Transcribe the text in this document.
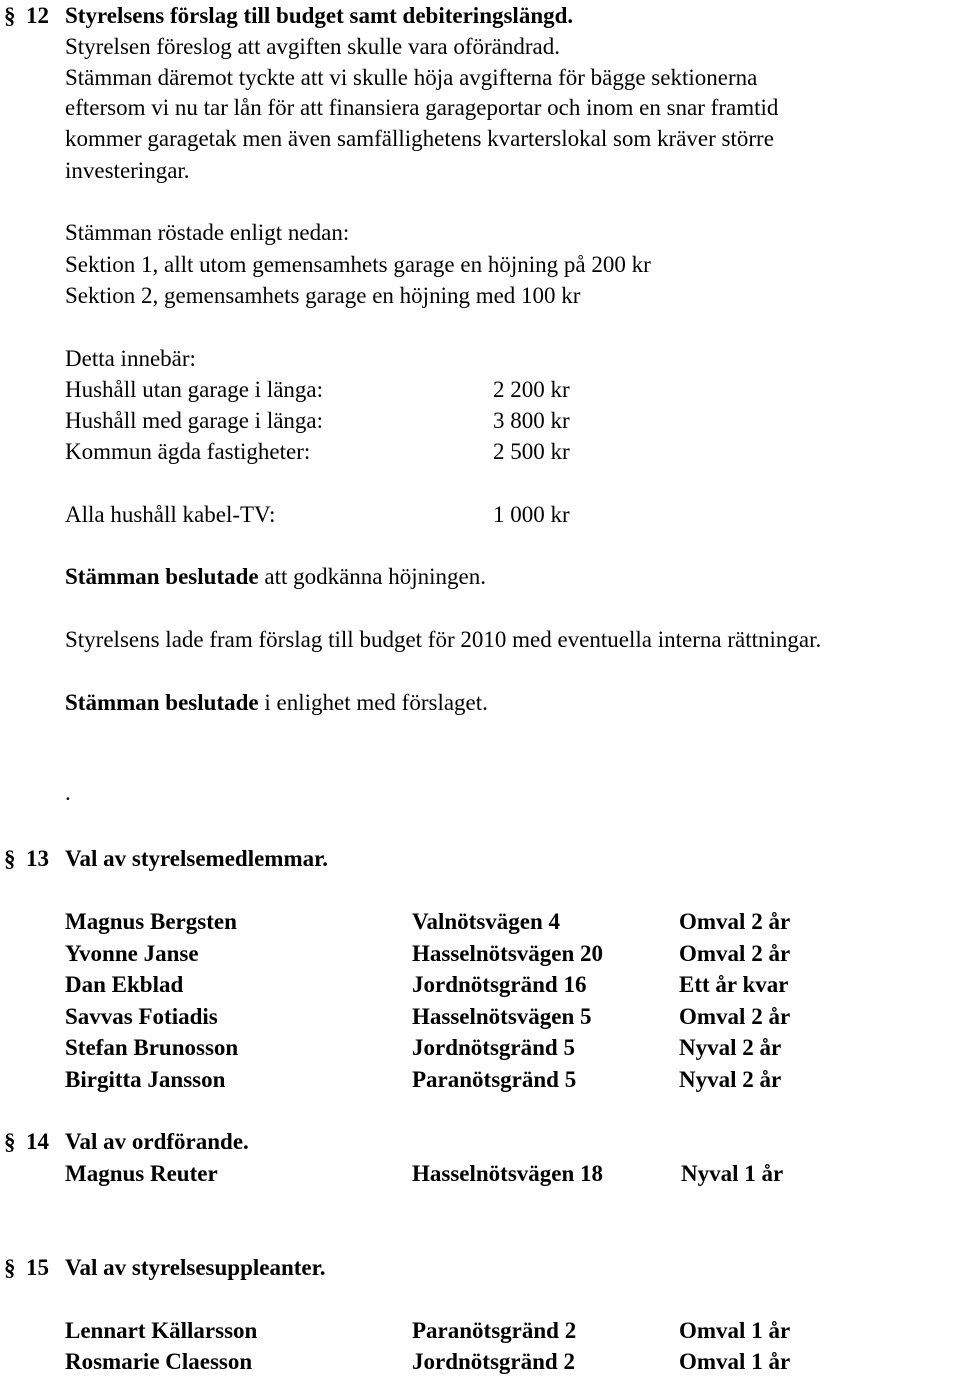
§ 12 Styrelsens förslag till budget samt debiteringslängd.
Styrelsen föreslog att avgiften skulle vara oförändrad.
Stämman däremot tyckte att vi skulle höja avgifterna för bägge sektionerna
eftersom vi nu tar lån för att finansiera garageportar och inom en snar framtid
kommer garagetak men även samfällighetens kvarterslokal som kräver större
investeringar.
Stämman röstade enligt nedan:
Sektion 1, allt utom gemensamhets garage en höjning på 200 kr
Sektion 2, gemensamhets garage en höjning med 100 kr
Detta innebär:
Hushåll utan garage i länga:	2 200 kr
Hushåll med garage i länga:	3 800 kr
Kommun ägda fastigheter:	2 500 kr
Alla hushåll kabel-TV:	1 000 kr
Stämman beslutade att godkänna höjningen.
Styrelsens lade fram förslag till budget för 2010 med eventuella interna rättningar.
Stämman beslutade i enlighet med förslaget.
.
§ 13 Val av styrelsemedlemmar.
Magnus Bergsten	Valnötsvägen 4	Omval 2 år
Yvonne Janse	Hasselnötsvägen 20	Omval 2 år
Dan Ekblad	Jordnötsgränd 16	Ett år kvar
Savvas Fotiadis	Hasselnötsvägen 5	Omval 2 år
Stefan Brunosson	Jordnötsgränd 5	Nyval 2 år
Birgitta Jansson	Paranötsgränd 5	Nyval 2 år
§ 14 Val av ordförande.
Magnus Reuter	Hasselnötsvägen 18	Nyval 1 år
§ 15 Val av styrelsesuppleanter.
Lennart Källarsson	Paranötsgränd 2	Omval 1 år
Rosmarie Claesson	Jordnötsgränd 2	Omval 1 år
